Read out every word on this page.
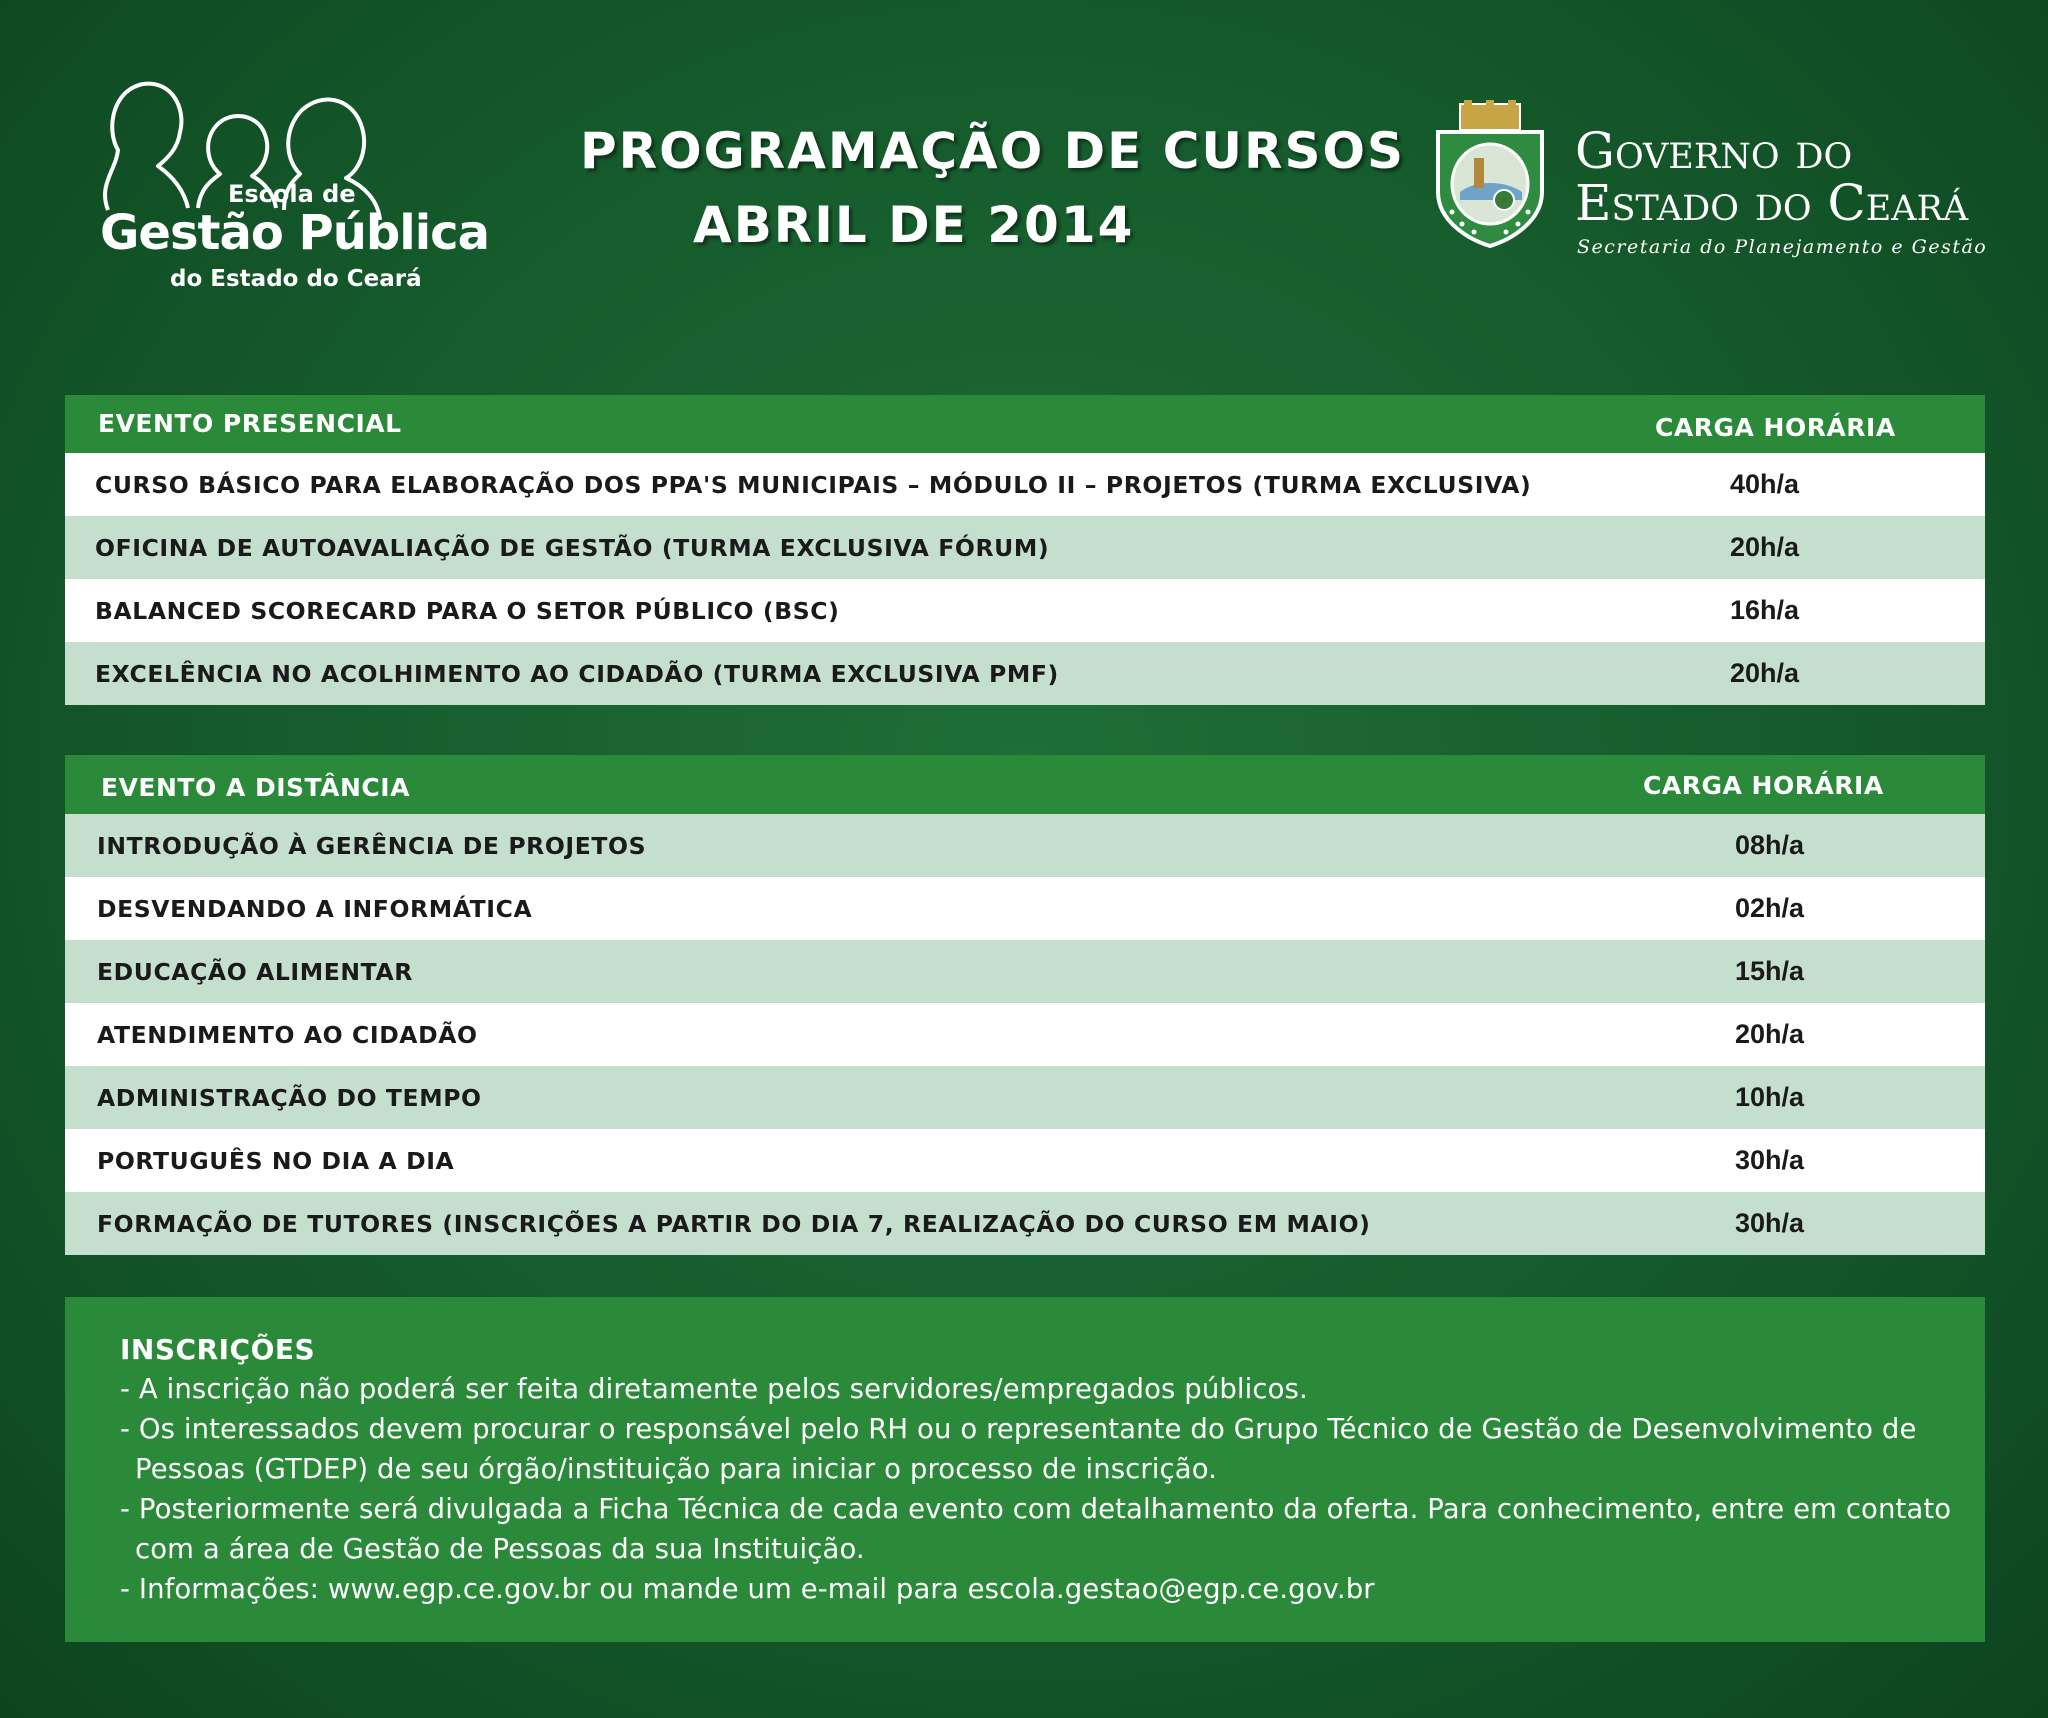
Escola de
Gestão Pública
do Estado do Ceará
PROGRAMAÇÃO DE CURSOS
ABRIL DE 2014
Governo do
Estado do Ceará
Secretaria do Planejamento e Gestão
EVENTO PRESENCIAL	CARGA HORÁRIA
CURSO BÁSICO PARA ELABORAÇÃO DOS PPA'S MUNICIPAIS – MÓDULO II – PROJETOS (TURMA EXCLUSIVA)	40h/a
OFICINA DE AUTOAVALIAÇÃO DE GESTÃO (TURMA EXCLUSIVA FÓRUM)	20h/a
BALANCED SCORECARD PARA O SETOR PÚBLICO (BSC)	16h/a
EXCELÊNCIA NO ACOLHIMENTO AO CIDADÃO (TURMA EXCLUSIVA PMF)	20h/a
EVENTO A DISTÂNCIA	CARGA HORÁRIA
INTRODUÇÃO À GERÊNCIA DE PROJETOS	08h/a
DESVENDANDO A INFORMÁTICA	02h/a
EDUCAÇÃO ALIMENTAR	15h/a
ATENDIMENTO AO CIDADÃO	20h/a
ADMINISTRAÇÃO DO TEMPO	10h/a
PORTUGUÊS NO DIA A DIA	30h/a
FORMAÇÃO DE TUTORES (INSCRIÇÕES A PARTIR DO DIA 7, REALIZAÇÃO DO CURSO EM MAIO)	30h/a
INSCRIÇÕES
- A inscrição não poderá ser feita diretamente pelos servidores/empregados públicos.
- Os interessados devem procurar o responsável pelo RH ou o representante do Grupo Técnico de Gestão de Desenvolvimento de
Pessoas (GTDEP) de seu órgão/instituição para iniciar o processo de inscrição.
- Posteriormente será divulgada a Ficha Técnica de cada evento com detalhamento da oferta. Para conhecimento, entre em contato
com a área de Gestão de Pessoas da sua Instituição.
- Informações: www.egp.ce.gov.br ou mande um e-mail para escola.gestao@egp.ce.gov.br
